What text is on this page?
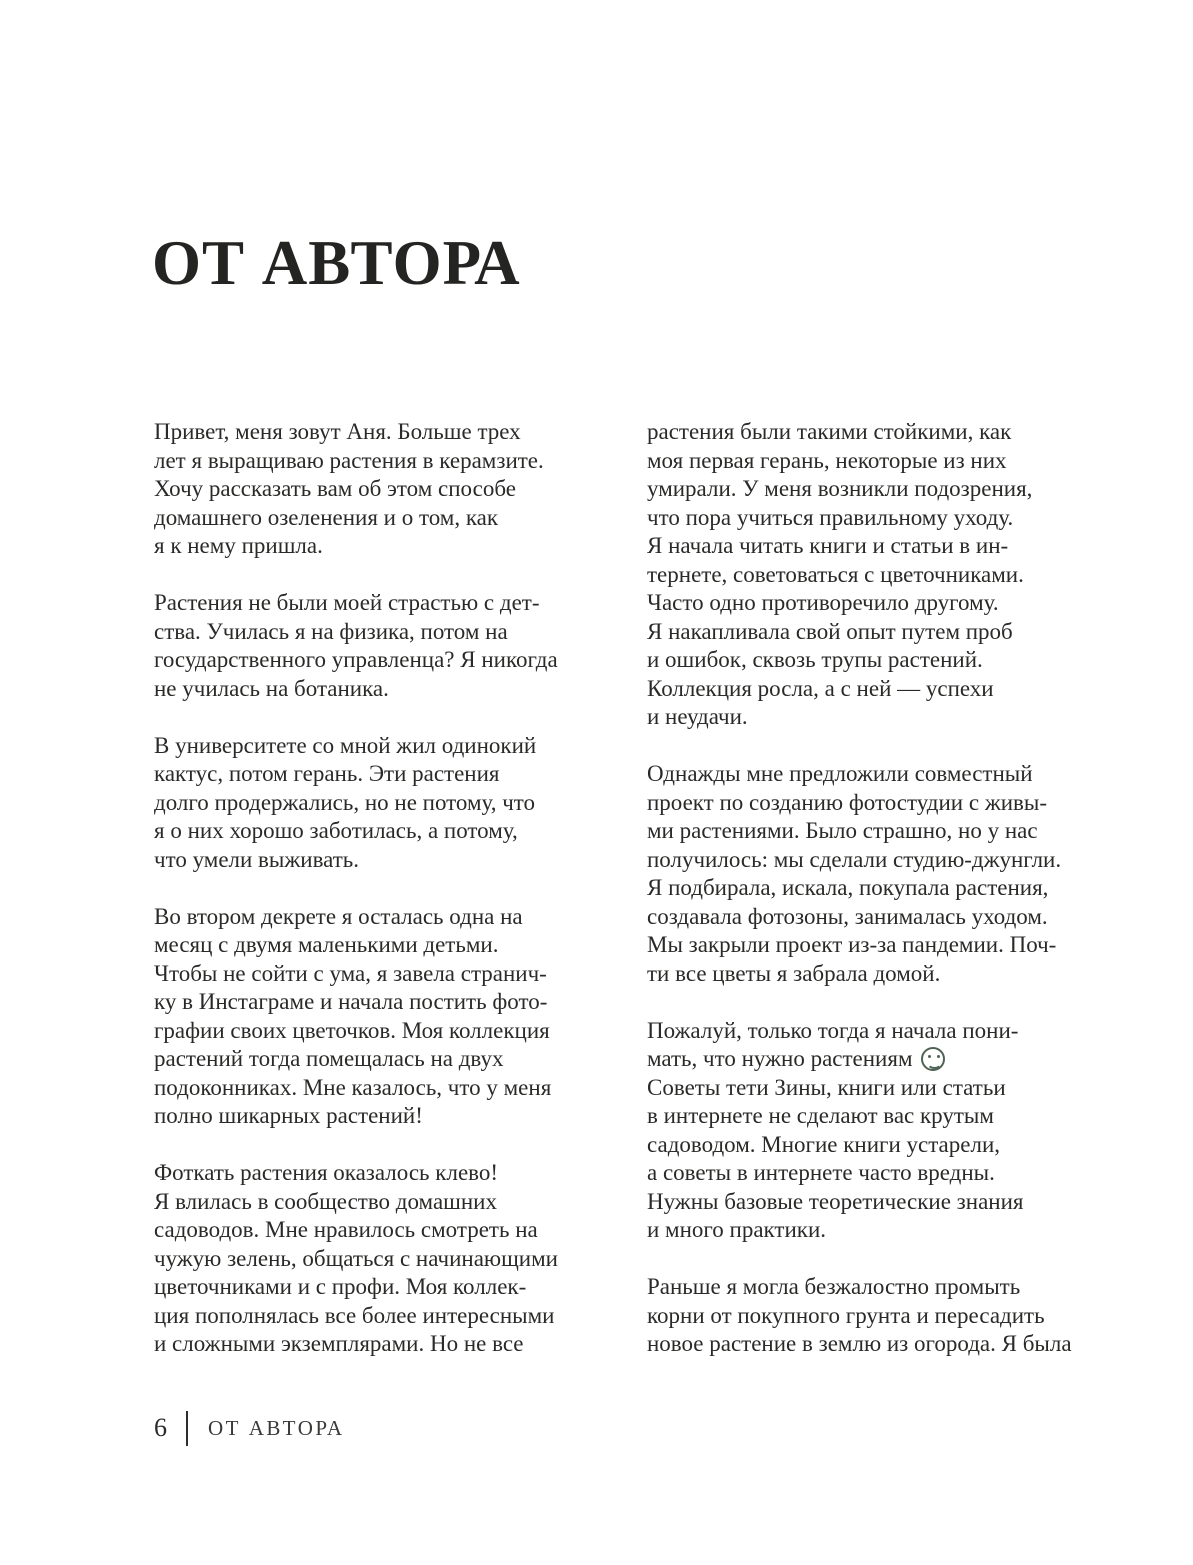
ОТ АВТОРА
Привет, меня зовут Аня. Больше трех
лет я выращиваю растения в керамзите.
Хочу рассказать вам об этом способе
домашнего озеленения и о том, как
я к нему пришла.
Растения не были моей страстью с дет-
ства. Училась я на физика, потом на
государственного управленца? Я никогда
не училась на ботаника.
В университете со мной жил одинокий
кактус, потом герань. Эти растения
долго продержались, но не потому, что
я о них хорошо заботилась, а потому,
что умели выживать.
Во втором декрете я осталась одна на
месяц с двумя маленькими детьми.
Чтобы не сойти с ума, я завела странич-
ку в Инстаграме и начала постить фото-
графии своих цветочков. Моя коллекция
растений тогда помещалась на двух
подоконниках. Мне казалось, что у меня
полно шикарных растений!
Фоткать растения оказалось клево!
Я влилась в сообщество домашних
садоводов. Мне нравилось смотреть на
чужую зелень, общаться с начинающими
цветочниками и с профи. Моя коллек-
ция пополнялась все более интересными
и сложными экземплярами. Но не все
растения были такими стойкими, как
моя первая герань, некоторые из них
умирали. У меня возникли подозрения,
что пора учиться правильному уходу.
Я начала читать книги и статьи в ин-
тернете, советоваться с цветочниками.
Часто одно противоречило другому.
Я накапливала свой опыт путем проб
и ошибок, сквозь трупы растений.
Коллекция росла, а с ней — успехи
и неудачи.
Однажды мне предложили совместный
проект по созданию фотостудии с живы-
ми растениями. Было страшно, но у нас
получилось: мы сделали студию-джунгли.
Я подбирала, искала, покупала растения,
создавала фотозоны, занималась уходом.
Мы закрыли проект из-за пандемии. Поч-
ти все цветы я забрала домой.
Пожалуй, только тогда я начала пони-
мать, что нужно растениям
Советы тети Зины, книги или статьи
в интернете не сделают вас крутым
садоводом. Многие книги устарели,
а советы в интернете часто вредны.
Нужны базовые теоретические знания
и много практики.
Раньше я могла безжалостно промыть
корни от покупного грунта и пересадить
новое растение в землю из огорода. Я была
6 ОТ АВТОРА
